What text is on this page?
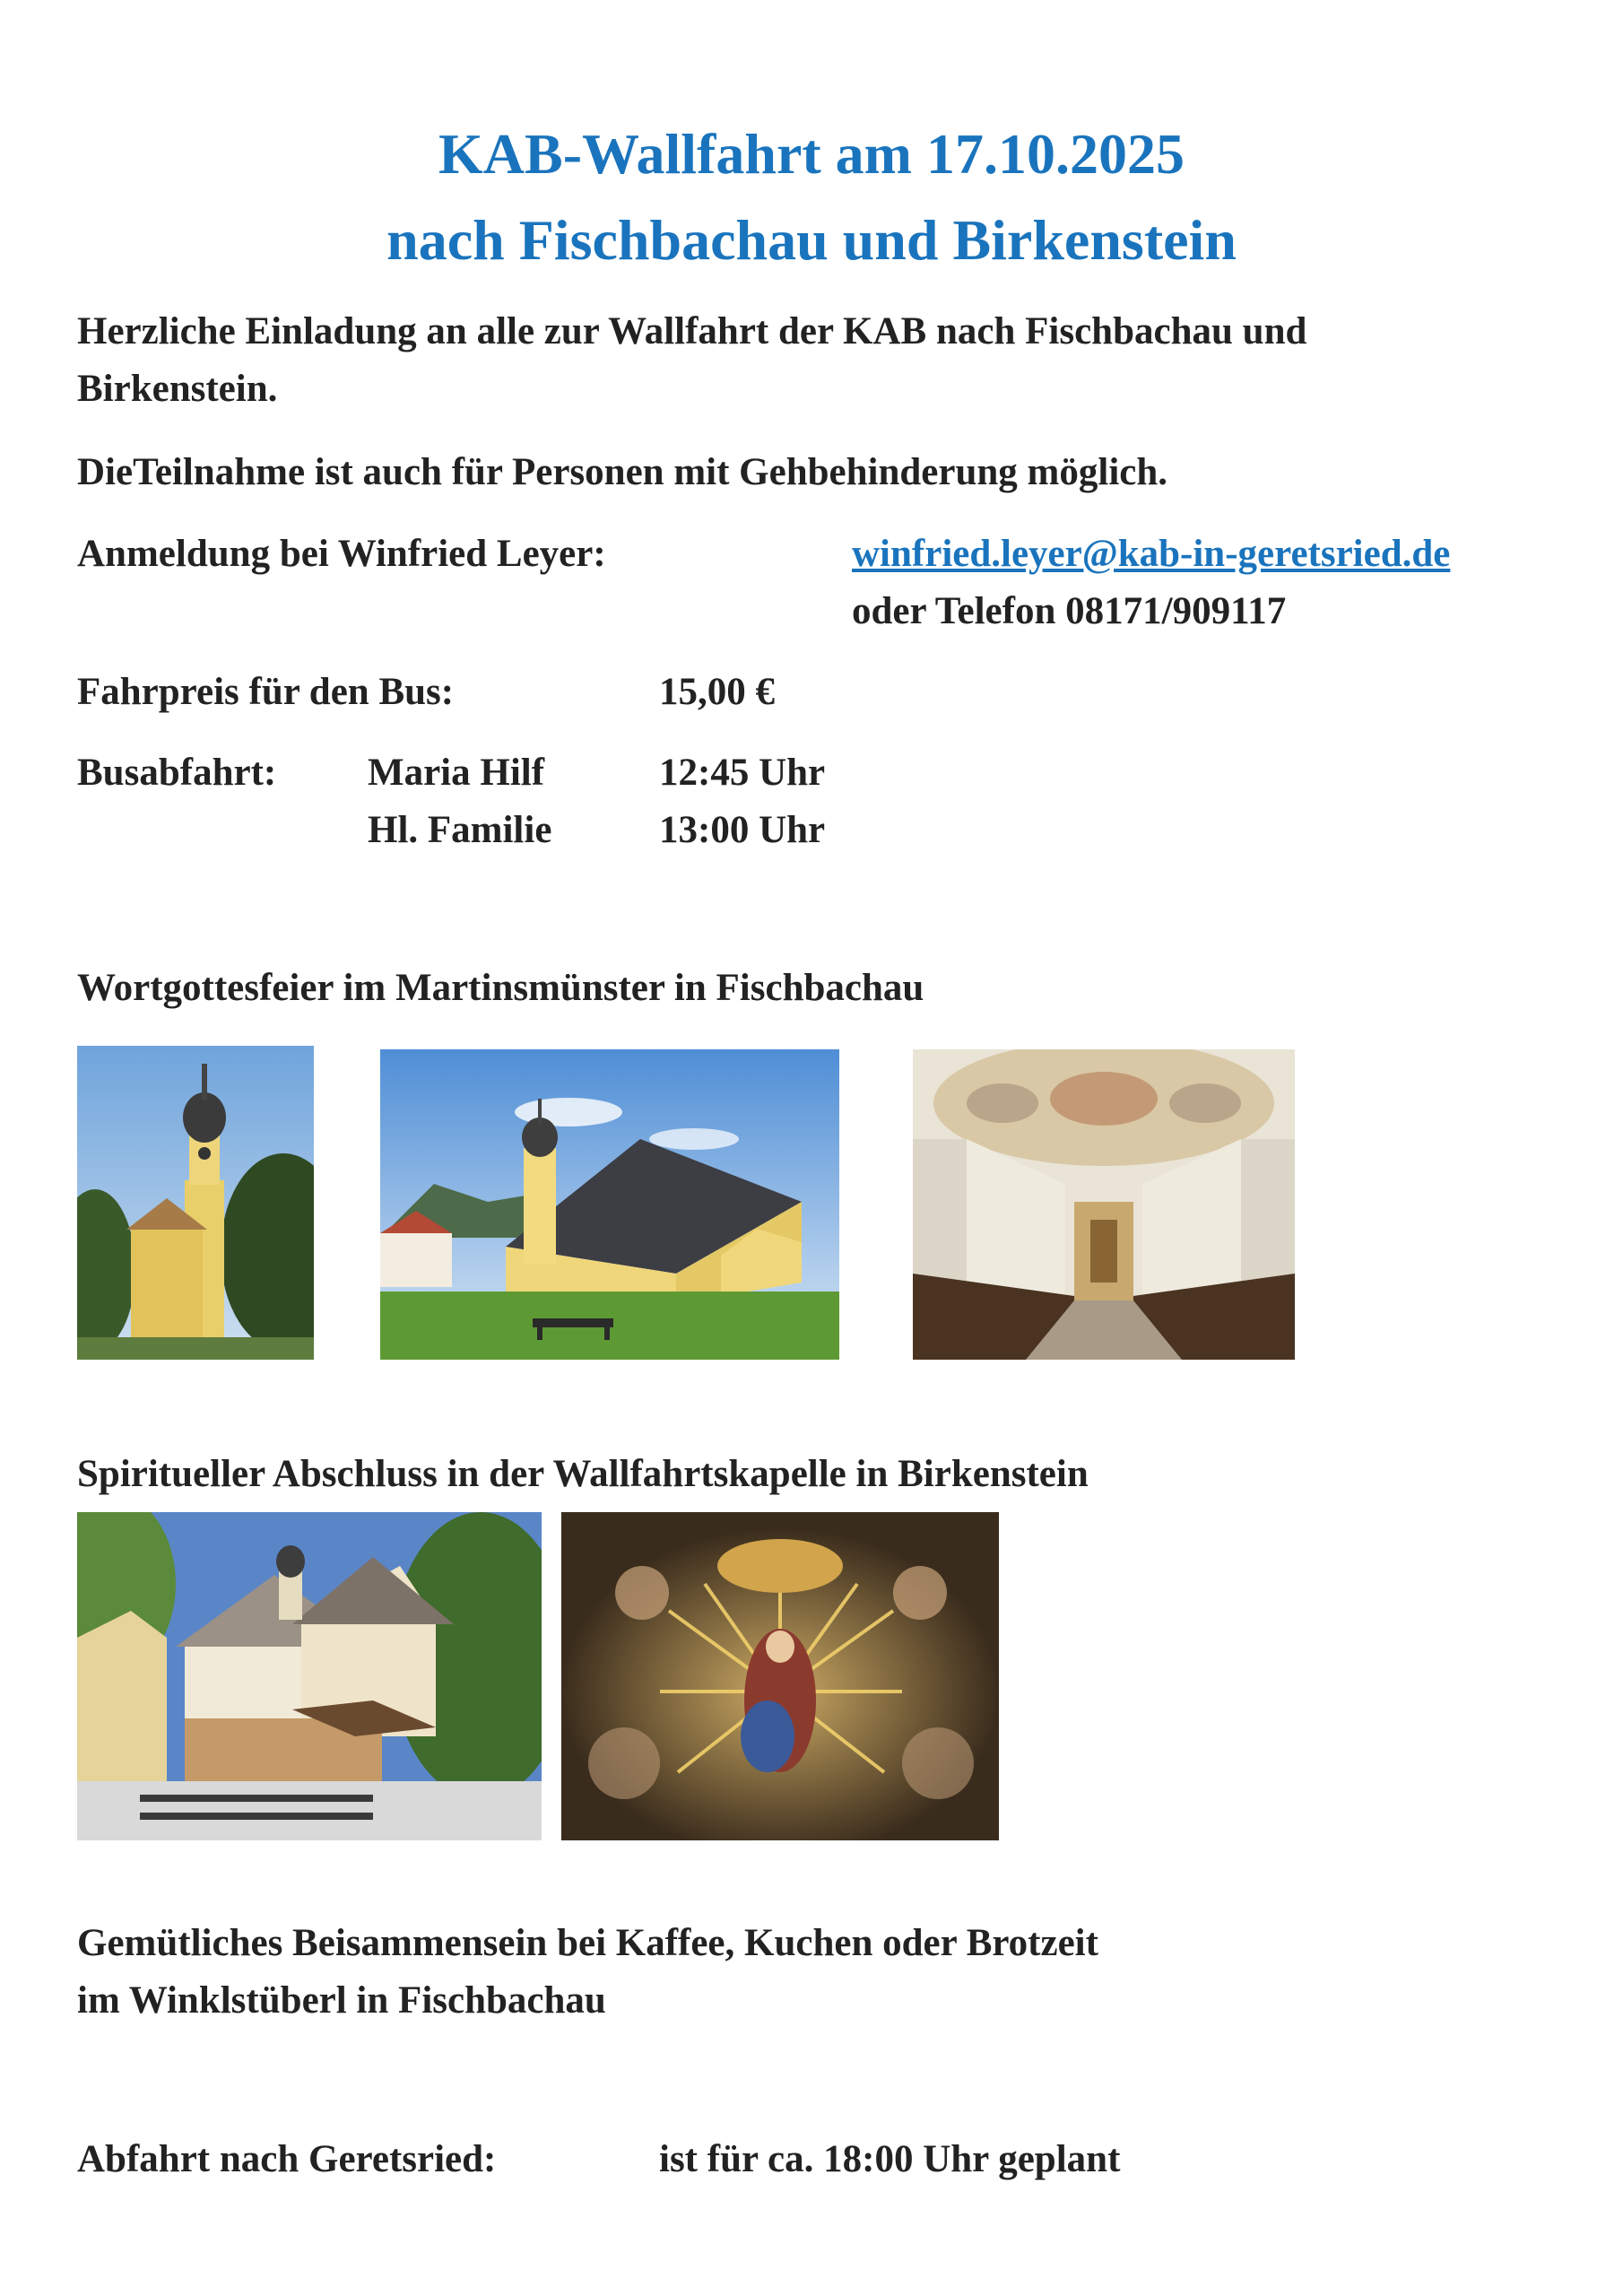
KAB-Wallfahrt am 17.10.2025
nach Fischbachau und Birkenstein

Herzliche Einladung an alle zur Wallfahrt der KAB nach Fischbachau und

Birkenstein.

DieTeilnahme ist auch für Personen mit Gehbehinderung möglich.

Anmeldung bei Winfried Leyer:	winfried.leyer@kab-in-geretsried.de

oder Telefon 08171/909117

Fahrpreis für den Bus:	15,00 €

Busabfahrt: Maria Hilf	12:45 Uhr

Hl. Familie	13:00 Uhr

Wortgottesfeier im Martinsmünster in Fischbachau

Spiritueller Abschluss in der Wallfahrtskapelle in Birkenstein

Gemütliches Beisammensein bei Kaffee, Kuchen oder Brotzeit

im Winklstüberl in Fischbachau

Abfahrt nach Geretsried:	ist für ca. 18:00 Uhr geplant
